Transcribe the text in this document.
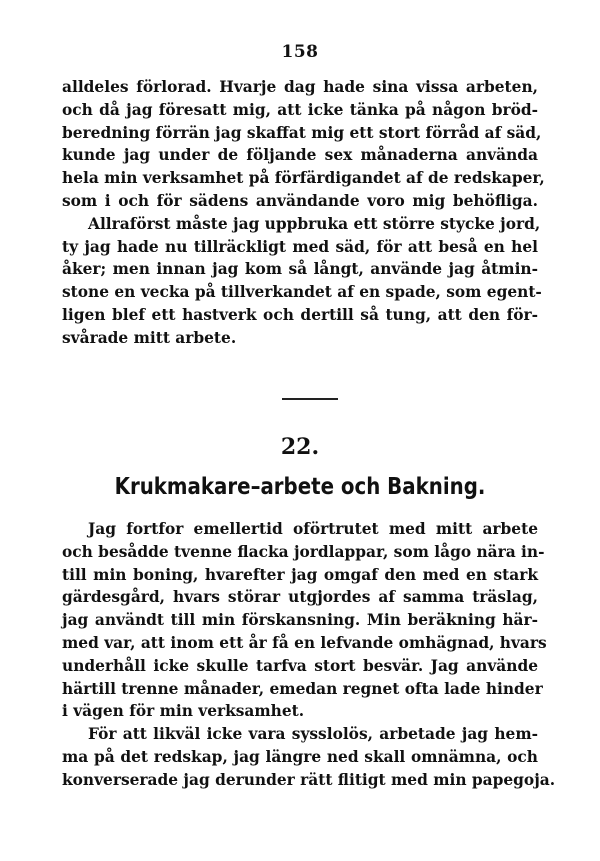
158
alldeles förlorad. Hvarje dag hade sina vissa arbeten,
och då jag föresatt mig, att icke tänka på någon bröd-
beredning förrän jag skaffat mig ett stort förråd af säd,
kunde jag under de följande sex månaderna använda
hela min verksamhet på förfärdigandet af de redskaper,
som i och för sädens användande voro mig behöfliga.
Allraförst måste jag uppbruka ett större stycke jord,
ty jag hade nu tillräckligt med säd, för att beså en hel
åker; men innan jag kom så långt, använde jag åtmin-
stone en vecka på tillverkandet af en spade, som egent-
ligen blef ett hastverk och dertill så tung, att den för-
svårade mitt arbete.
22.
Krukmakare–arbete och Bakning.
Jag fortfor emellertid oförtrutet med mitt arbete
och besådde tvenne flacka jordlappar, som lågo nära in-
till min boning, hvarefter jag omgaf den med en stark
gärdesgård, hvars störar utgjordes af samma träslag,
jag användt till min förskansning. Min beräkning här-
med var, att inom ett år få en lefvande omhägnad, hvars
underhåll icke skulle tarfva stort besvär. Jag använde
härtill trenne månader, emedan regnet ofta lade hinder
i vägen för min verksamhet.
För att likväl icke vara sysslolös, arbetade jag hem-
ma på det redskap, jag längre ned skall omnämna, och
konverserade jag derunder rätt flitigt med min papegoja.
